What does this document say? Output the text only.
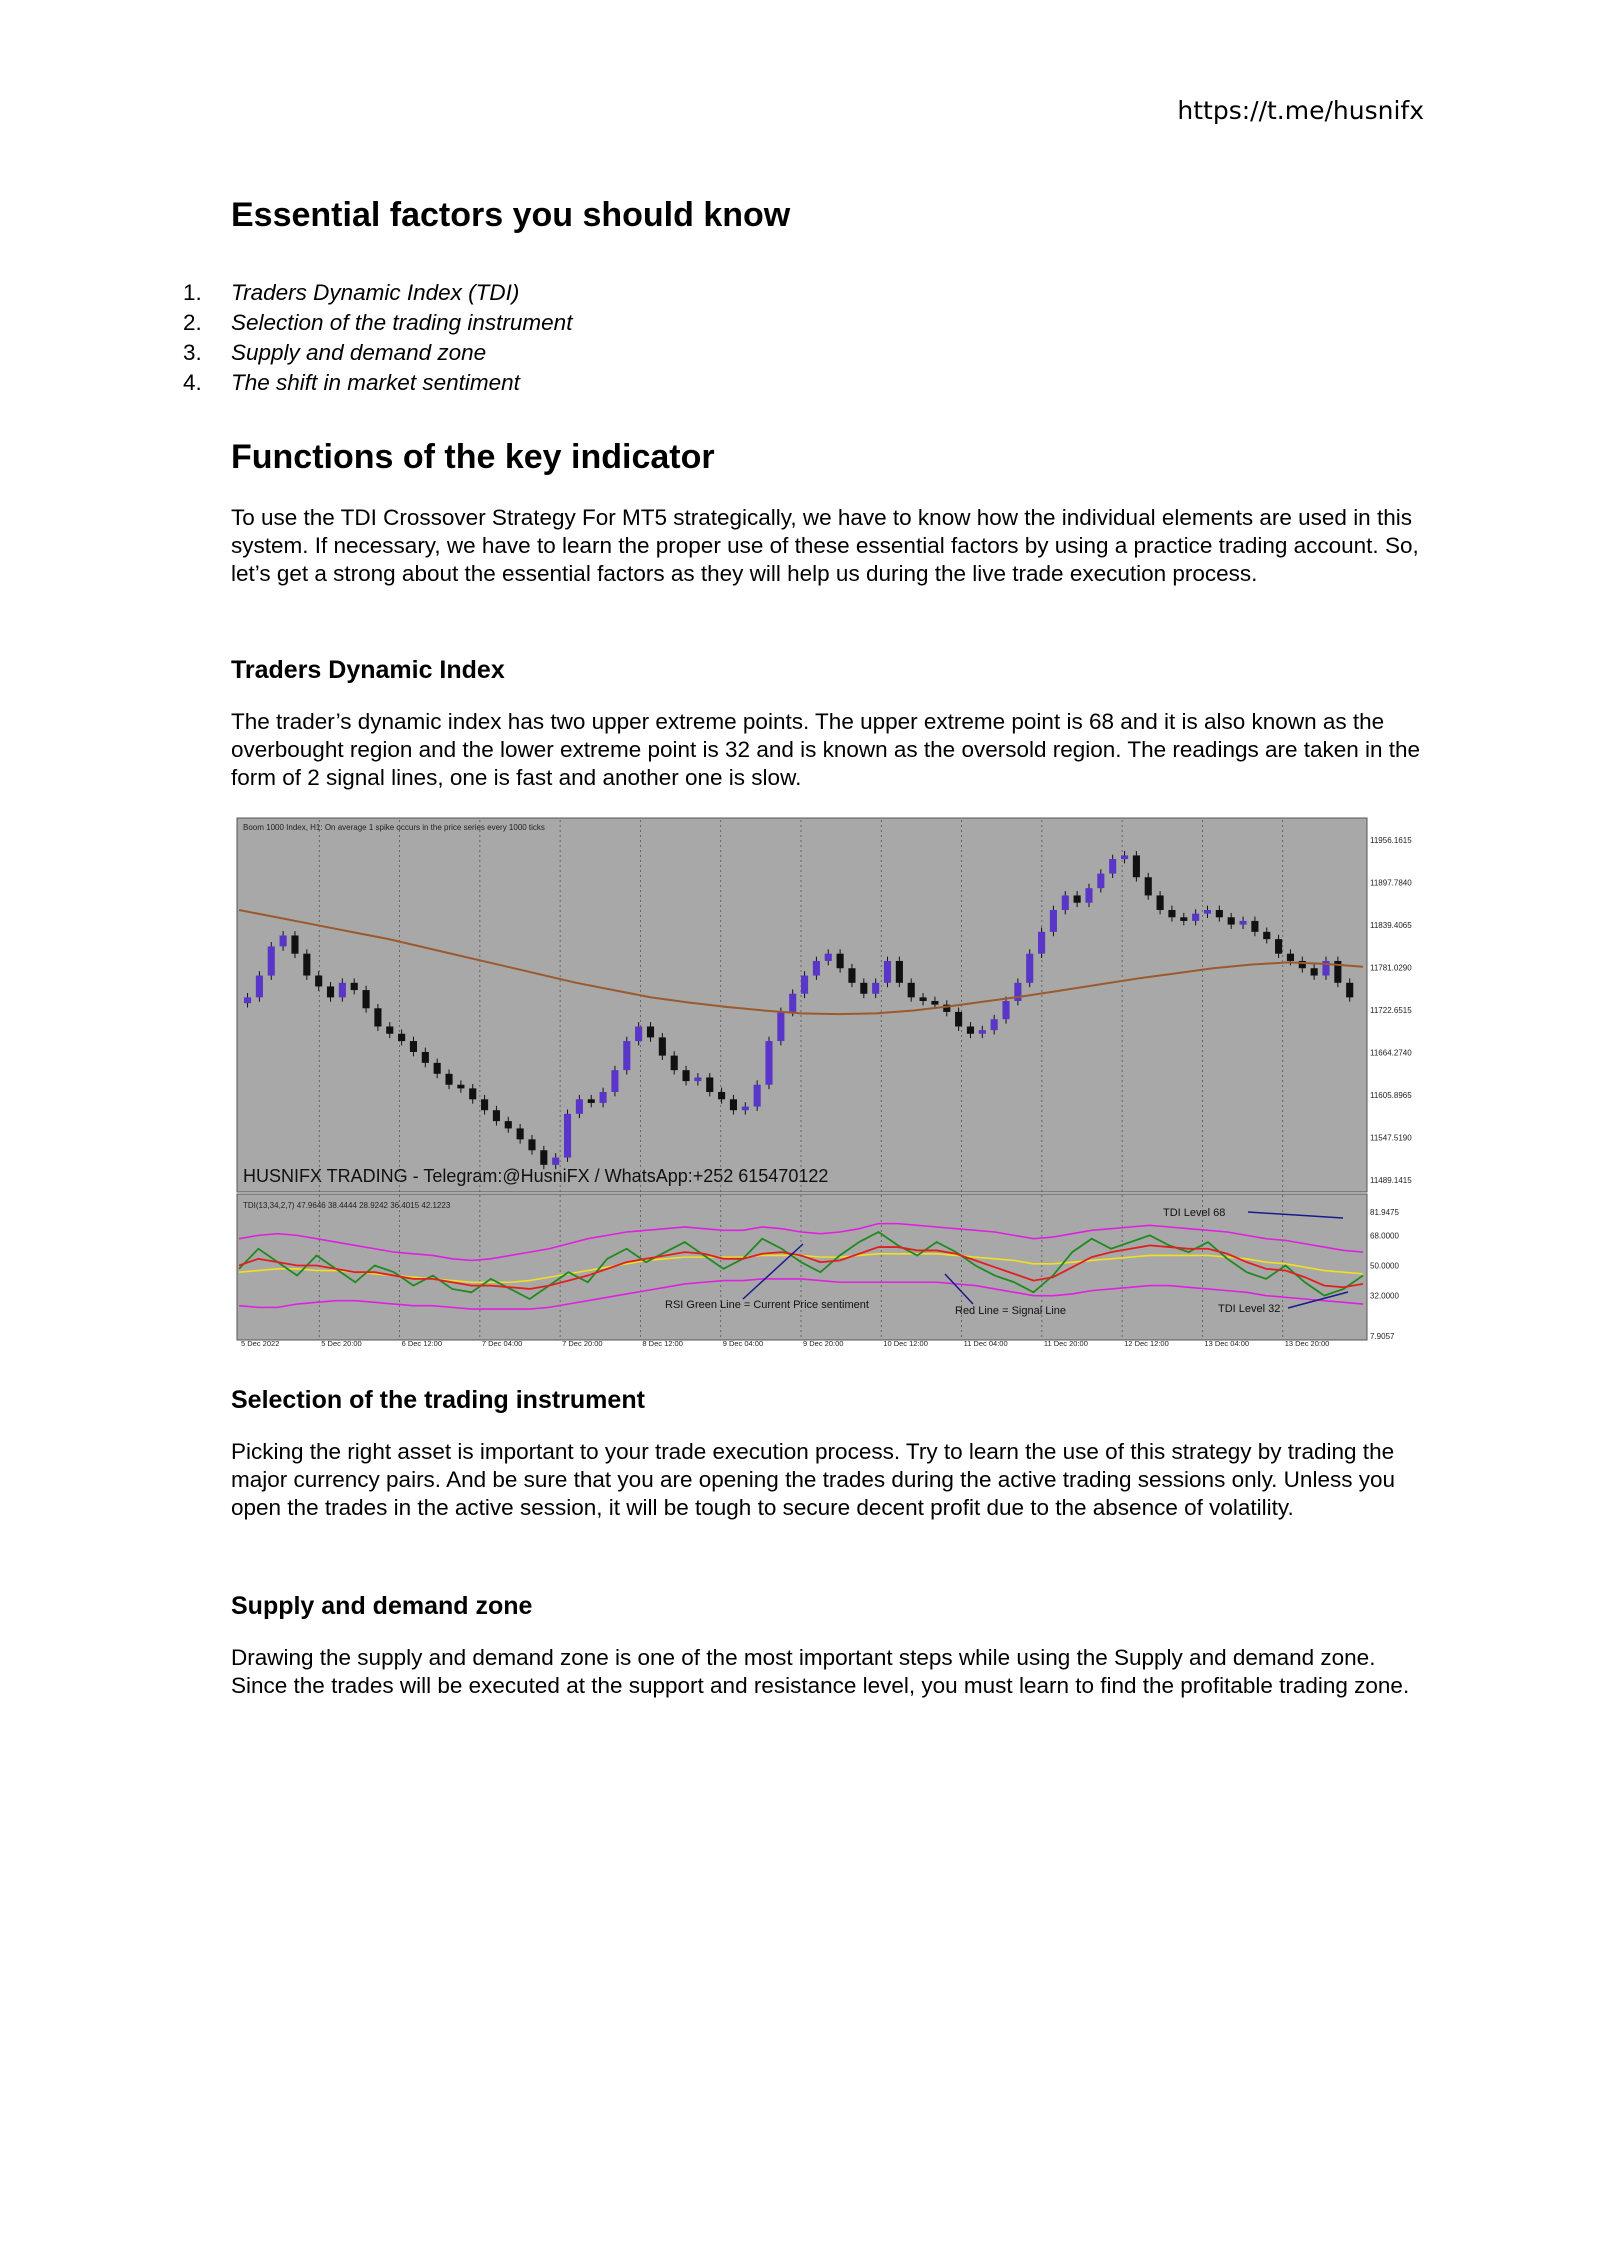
https://t.me/husnifx
Essential factors you should know
1. Traders Dynamic Index (TDI)
2. Selection of the trading instrument
3. Supply and demand zone
4. The shift in market sentiment
Functions of the key indicator

To use the TDI Crossover Strategy For MT5 strategically, we have to know how the individual elements are used in this system. If necessary, we have to learn the proper use of these essential factors by using a practice trading account. So, let’s get a strong about the essential factors as they will help us during the live trade execution process.

Traders Dynamic Index

The trader’s dynamic index has two upper extreme points. The upper extreme point is 68 and it is also known as the overbought region and the lower extreme point is 32 and is known as the oversold region. The readings are taken in the form of 2 signal lines, one is fast and another one is slow.

Boom 1000 Index, H1: On average 1 spike occurs in the price series every 1000 ticks
TDI(13,34,2,7) 47.9646 38.4444 28.9242 36.4015 42.1223
HUSNIFX TRADING - Telegram:@HusniFX / WhatsApp:+252 615470122
11956.1615
11897.7840
11839.4065
11781.0290
11722.6515
11664.2740
11605.8965
11547.5190
11489.1415
81.9475
68.0000
50.0000
32.0000
7.9057
5 Dec 2022	5 Dec 20:00	6 Dec 12:00	7 Dec 04:00	7 Dec 20:00	8 Dec 12:00	9 Dec 04:00	9 Dec 20:00	10 Dec 12:00	11 Dec 04:00	11 Dec 20:00	12 Dec 12:00	13 Dec 04:00	13 Dec 20:00
TDI Level 68
RSI Green Line = Current Price sentiment	Red Line = Signal Line	TDI Level 32
Selection of the trading instrument

Picking the right asset is important to your trade execution process. Try to learn the use of this strategy by trading the major currency pairs. And be sure that you are opening the trades during the active trading sessions only. Unless you open the trades in the active session, it will be tough to secure decent profit due to the absence of volatility.

Supply and demand zone

Drawing the supply and demand zone is one of the most important steps while using the Supply and demand zone. Since the trades will be executed at the support and resistance level, you must learn to find the profitable trading zone.
